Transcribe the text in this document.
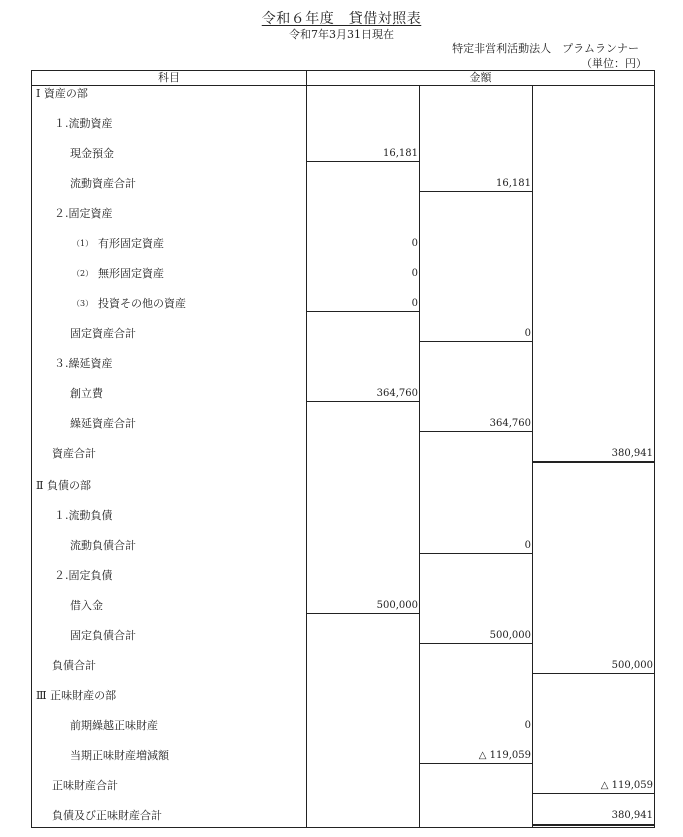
令和６年度　貸借対照表
令和7年3月31日現在
特定非営利活動法人　プラムランナー
（単位：円）
科目	金額
Ⅰ 資産の部
１.流動資産
現金預金
流動資産合計
２.固定資産
（1） 有形固定資産
（2） 無形固定資産
（3） 投資その他の資産
固定資産合計
３.繰延資産
創立費
繰延資産合計
資産合計
Ⅱ 負債の部
１.流動負債
流動負債合計
２.固定負債
借入金
固定負債合計
負債合計
Ⅲ 正味財産の部
前期繰越正味財産
当期正味財産増減額
正味財産合計
負債及び正味財産合計
16,181
0
0
0
364,760
500,000
16,181
0
364,760
0
500,000
0
△ 119,059
380,941
500,000
△ 119,059
380,941
